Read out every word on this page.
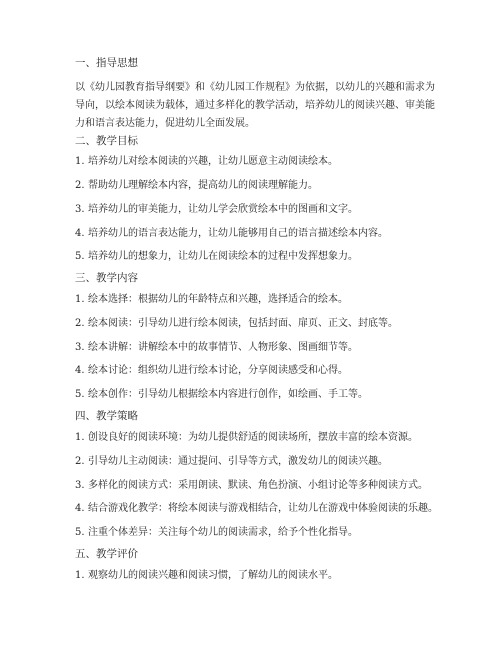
一、指导思想
以《幼儿园教育指导纲要》和《幼儿园工作规程》为依据，以幼儿的兴趣和需求为导向，以绘本阅读为载体，通过多样化的教学活动，培养幼儿的阅读兴趣、审美能力和语言表达能力，促进幼儿全面发展。
二、教学目标
1. 培养幼儿对绘本阅读的兴趣，让幼儿愿意主动阅读绘本。
2. 帮助幼儿理解绘本内容，提高幼儿的阅读理解能力。
3. 培养幼儿的审美能力，让幼儿学会欣赏绘本中的图画和文字。
4. 培养幼儿的语言表达能力，让幼儿能够用自己的语言描述绘本内容。
5. 培养幼儿的想象力，让幼儿在阅读绘本的过程中发挥想象力。
三、教学内容
1. 绘本选择：根据幼儿的年龄特点和兴趣，选择适合的绘本。
2. 绘本阅读：引导幼儿进行绘本阅读，包括封面、扉页、正文、封底等。
3. 绘本讲解：讲解绘本中的故事情节、人物形象、图画细节等。
4. 绘本讨论：组织幼儿进行绘本讨论，分享阅读感受和心得。
5. 绘本创作：引导幼儿根据绘本内容进行创作，如绘画、手工等。
四、教学策略
1. 创设良好的阅读环境：为幼儿提供舒适的阅读场所，摆放丰富的绘本资源。
2. 引导幼儿主动阅读：通过提问、引导等方式，激发幼儿的阅读兴趣。
3. 多样化的阅读方式：采用朗读、默读、角色扮演、小组讨论等多种阅读方式。
4. 结合游戏化教学：将绘本阅读与游戏相结合，让幼儿在游戏中体验阅读的乐趣。
5. 注重个体差异：关注每个幼儿的阅读需求，给予个性化指导。
五、教学评价
1. 观察幼儿的阅读兴趣和阅读习惯，了解幼儿的阅读水平。
